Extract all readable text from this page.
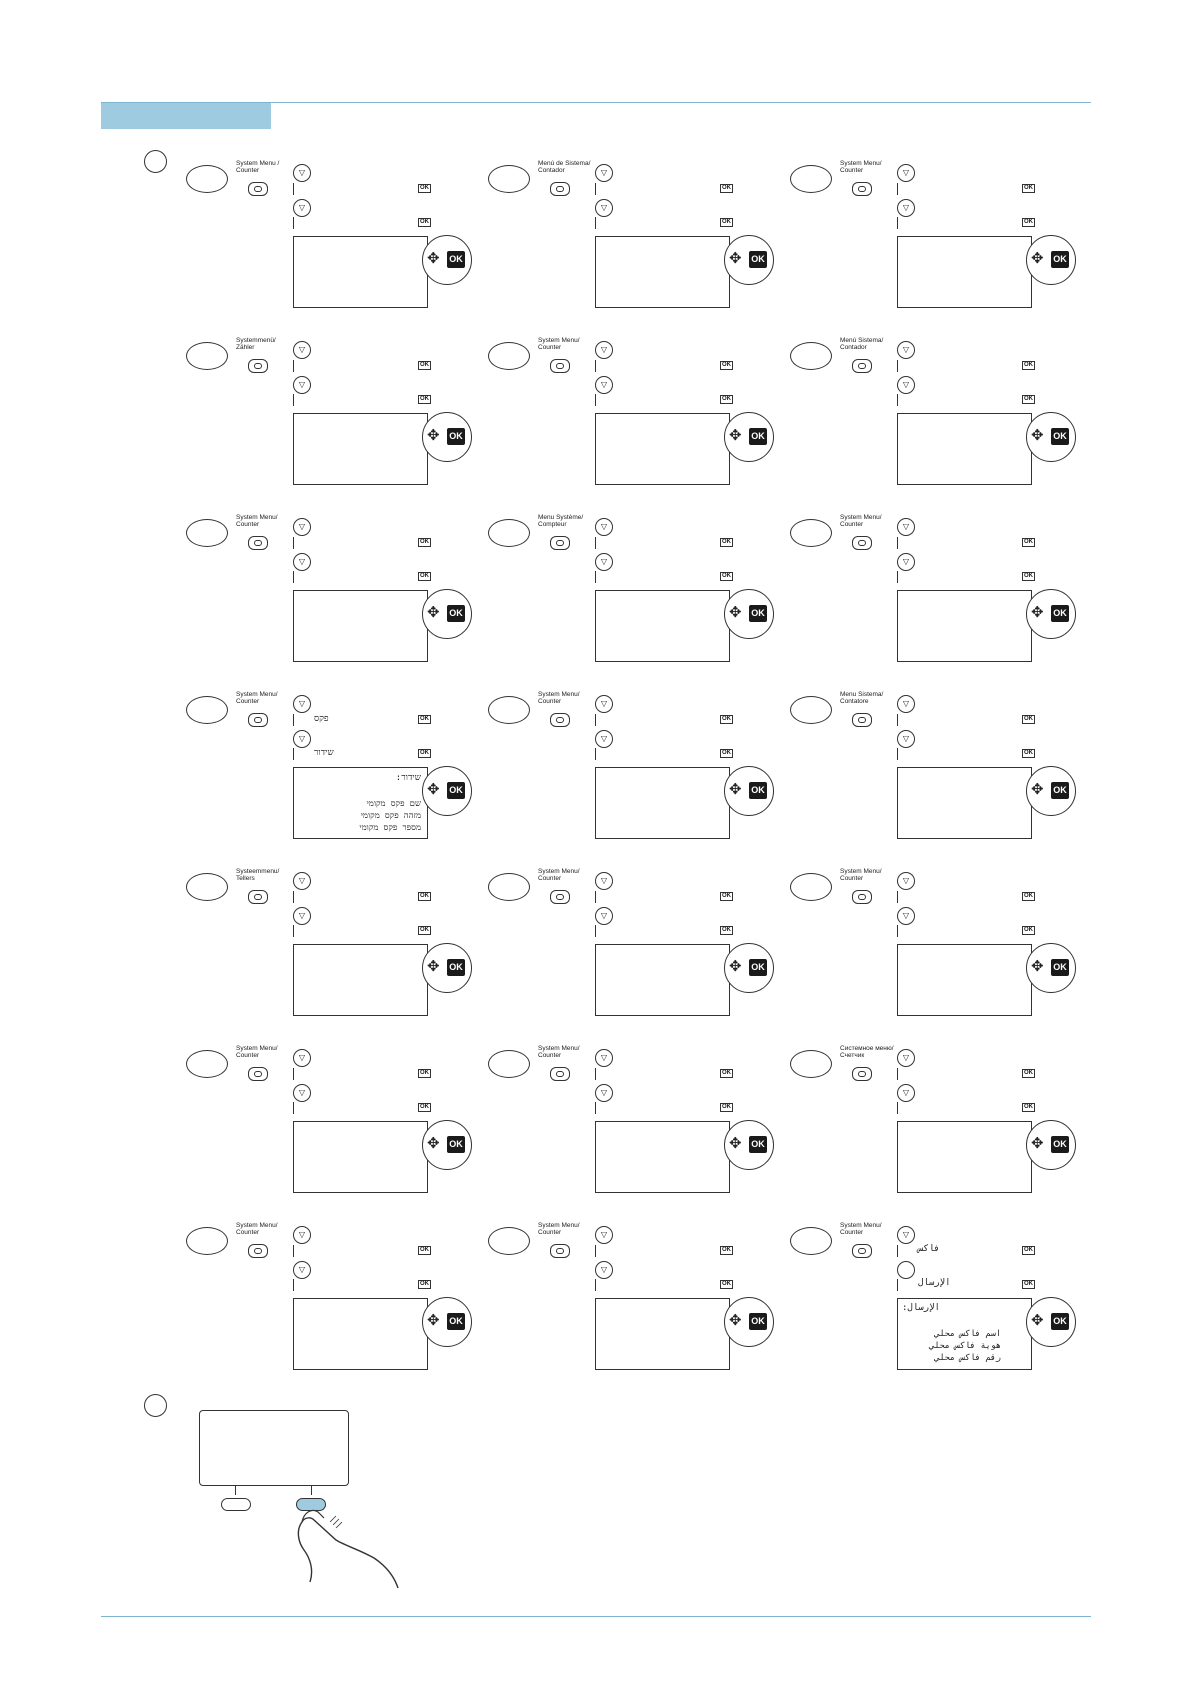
System Menu / Counter	▽
OK
▽
OK
✥ OK
Menú de Sistema/ Contador	▽
OK
▽
OK
✥ OK
System Menu/ Counter	▽
OK
▽
OK
✥ OK
Systemmenü/ Zähler	▽
OK
▽
OK
✥ OK
System Menu/ Counter	▽
OK
▽
OK
✥ OK
Menú Sistema/ Contador	▽
OK
▽
OK
✥ OK
System Menu/ Counter	▽
OK
▽
OK
✥ OK
Menu Système/ Compteur	▽
OK
▽
OK
✥ OK
System Menu/ Counter	▽
OK
▽
OK
✥ OK
System Menu/ Counter	▽
פקס	OK
▽
שידור	OK
שידור:
שם פקס מקומי
מזהה פקס מקומי
מספר פקס מקומי
✥ OK
System Menu/ Counter	▽
OK
▽
OK
✥ OK
Menu Sistema/ Contatore	▽
OK
▽
OK
✥ OK
Systeemmenu/ Tellers	▽
OK
▽
OK
✥ OK
System Menu/ Counter	▽
OK
▽
OK
✥ OK
System Menu/ Counter	▽
OK
▽
OK
✥ OK
System Menu/ Counter	▽
OK
▽
OK
✥ OK
System Menu/ Counter	▽
OK
▽
OK
✥ OK
Системное меню/ Счетчик	▽
OK
▽
OK
✥ OK
System Menu/ Counter	▽
OK
▽
OK
✥ OK
System Menu/ Counter	▽
OK
▽
OK
✥ OK
System Menu/ Counter	▽
فاكس	OK
الإرسال	OK
الإرسال:
اسم فاكس محلي
هوية فاكس محلي
رقم فاكس محلي
✥ OK
